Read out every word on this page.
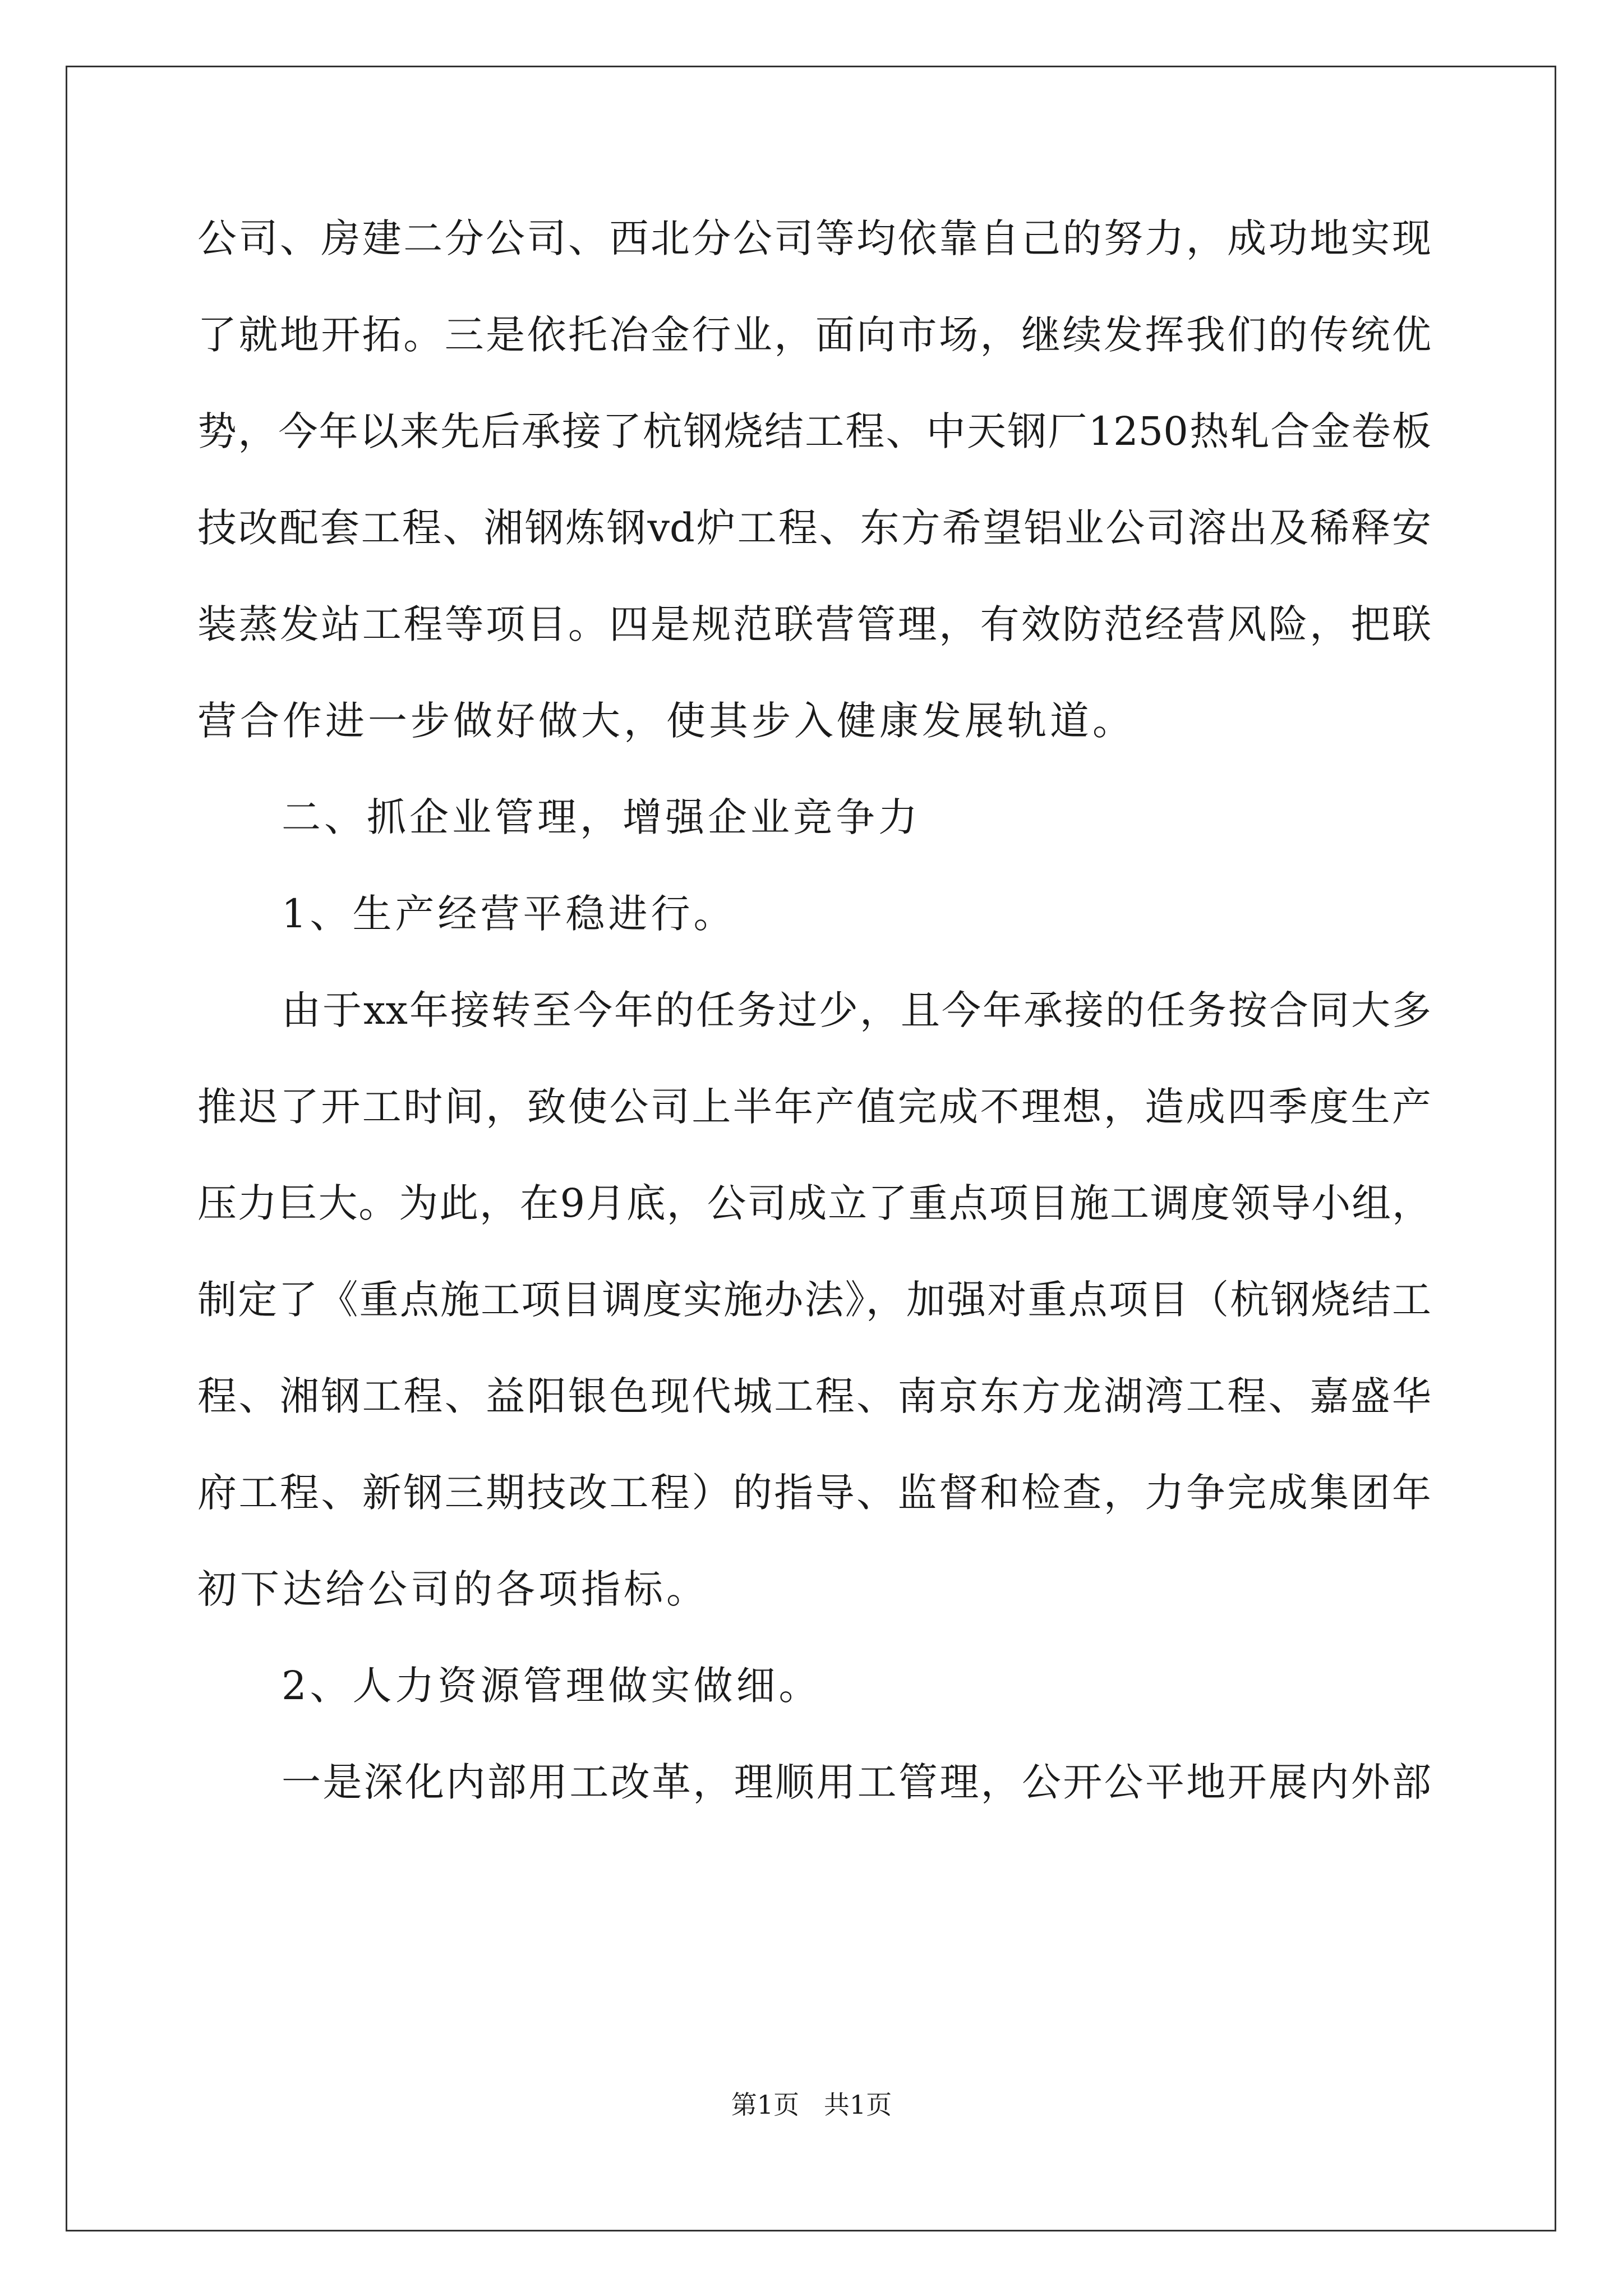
公司、房建二分公司、西北分公司等均依靠自己的努力，成功地实现
了就地开拓。三是依托冶金行业，面向市场，继续发挥我们的传统优
势，今年以来先后承接了杭钢烧结工程、中天钢厂1250热轧合金卷板
技改配套工程、湘钢炼钢vd炉工程、东方希望铝业公司溶出及稀释安
装蒸发站工程等项目。四是规范联营管理，有效防范经营风险，把联
营合作进一步做好做大，使其步入健康发展轨道。
二、抓企业管理，增强企业竞争力
1、生产经营平稳进行。
由于xx年接转至今年的任务过少，且今年承接的任务按合同大多
推迟了开工时间，致使公司上半年产值完成不理想，造成四季度生产
压力巨大。为此，在9月底，公司成立了重点项目施工调度领导小组，
制定了《重点施工项目调度实施办法》，加强对重点项目（杭钢烧结工
程、湘钢工程、益阳银色现代城工程、南京东方龙湖湾工程、嘉盛华
府工程、新钢三期技改工程）的指导、监督和检查，力争完成集团年
初下达给公司的各项指标。
2、人力资源管理做实做细。
一是深化内部用工改革，理顺用工管理，公开公平地开展内外部
第1页   共1页
